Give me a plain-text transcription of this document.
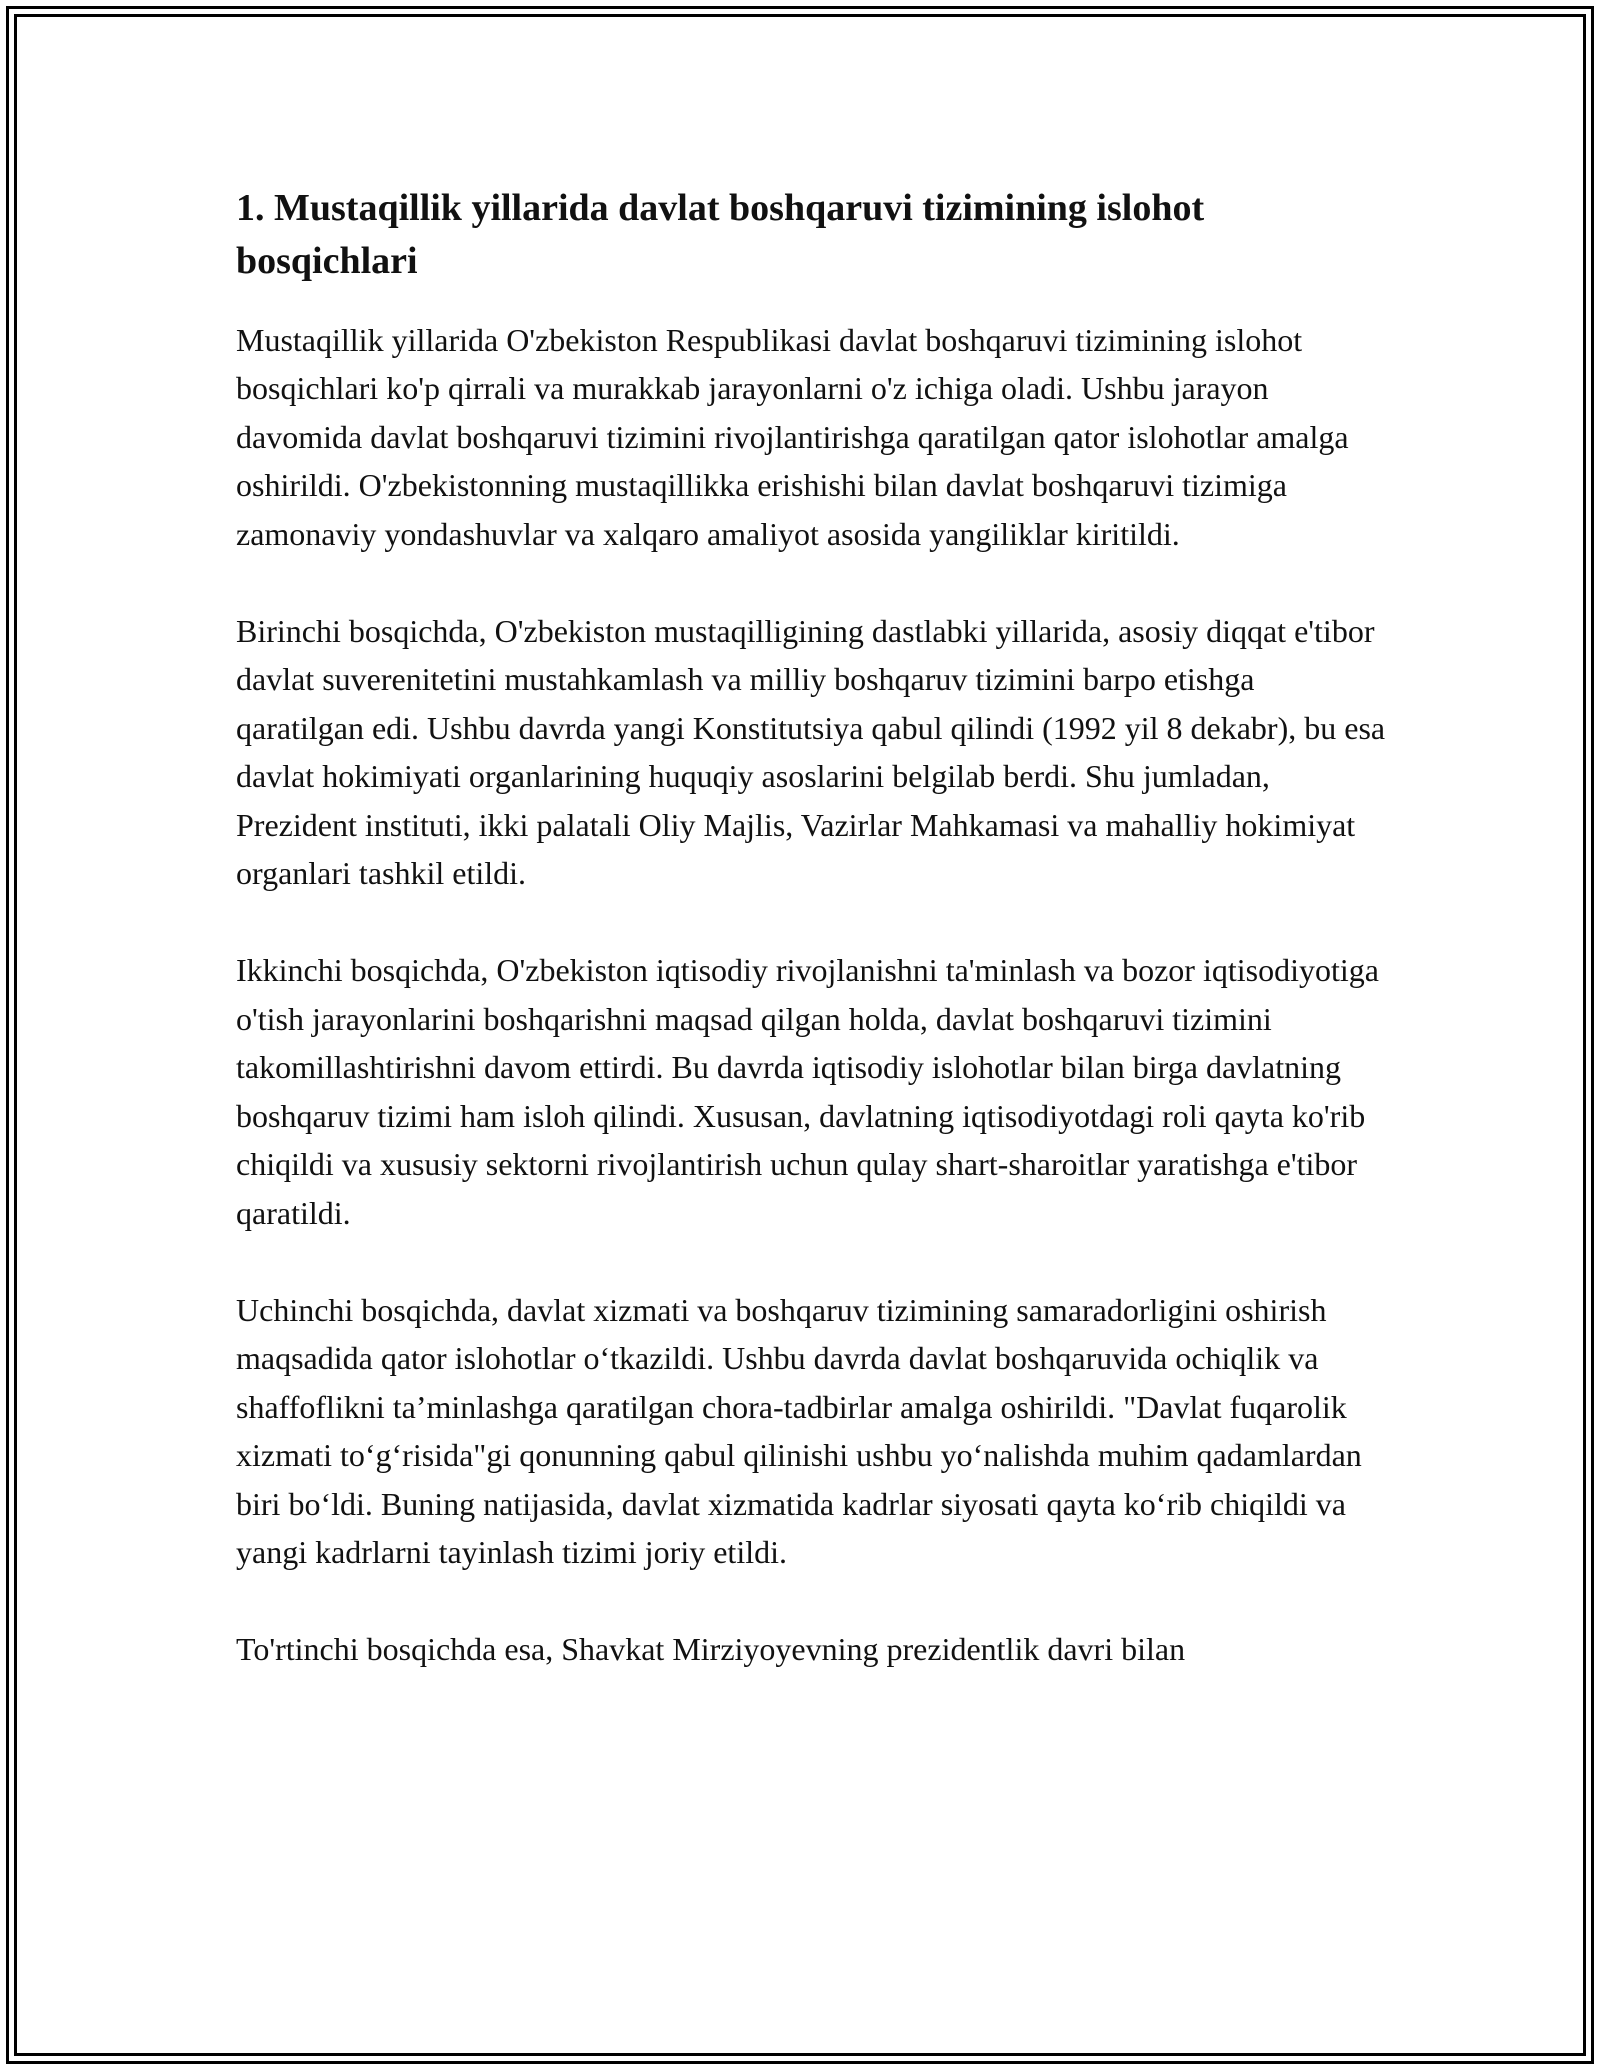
1. Mustaqillik yillarida davlat boshqaruvi tizimining islohot bosqichlari

Mustaqillik yillarida O'zbekiston Respublikasi davlat boshqaruvi tizimining islohot bosqichlari ko'p qirrali va murakkab jarayonlarni o'z ichiga oladi. Ushbu jarayon davomida davlat boshqaruvi tizimini rivojlantirishga qaratilgan qator islohotlar amalga oshirildi. O'zbekistonning mustaqillikka erishishi bilan davlat boshqaruvi tizimiga zamonaviy yondashuvlar va xalqaro amaliyot asosida yangiliklar kiritildi.

Birinchi bosqichda, O'zbekiston mustaqilligining dastlabki yillarida, asosiy diqqat e'tibor davlat suverenitetini mustahkamlash va milliy boshqaruv tizimini barpo etishga qaratilgan edi. Ushbu davrda yangi Konstitutsiya qabul qilindi (1992 yil 8 dekabr), bu esa davlat hokimiyati organlarining huquqiy asoslarini belgilab berdi. Shu jumladan, Prezident instituti, ikki palatali Oliy Majlis, Vazirlar Mahkamasi va mahalliy hokimiyat organlari tashkil etildi.

Ikkinchi bosqichda, O'zbekiston iqtisodiy rivojlanishni ta'minlash va bozor iqtisodiyotiga o'tish jarayonlarini boshqarishni maqsad qilgan holda, davlat boshqaruvi tizimini takomillashtirishni davom ettirdi. Bu davrda iqtisodiy islohotlar bilan birga davlatning boshqaruv tizimi ham isloh qilindi. Xususan, davlatning iqtisodiyotdagi roli qayta ko'rib chiqildi va xususiy sektorni rivojlantirish uchun qulay shart-sharoitlar yaratishga e'tibor qaratildi.

Uchinchi bosqichda, davlat xizmati va boshqaruv tizimining samaradorligini oshirish maqsadida qator islohotlar o‘tkazildi. Ushbu davrda davlat boshqaruvida ochiqlik va shaffoflikni ta’minlashga qaratilgan chora-tadbirlar amalga oshirildi. "Davlat fuqarolik xizmati to‘g‘risida"gi qonunning qabul qilinishi ushbu yo‘nalishda muhim qadamlardan biri bo‘ldi. Buning natijasida, davlat xizmatida kadrlar siyosati qayta ko‘rib chiqildi va yangi kadrlarni tayinlash tizimi joriy etildi.

To'rtinchi bosqichda esa, Shavkat Mirziyoyevning prezidentlik davri bilan
